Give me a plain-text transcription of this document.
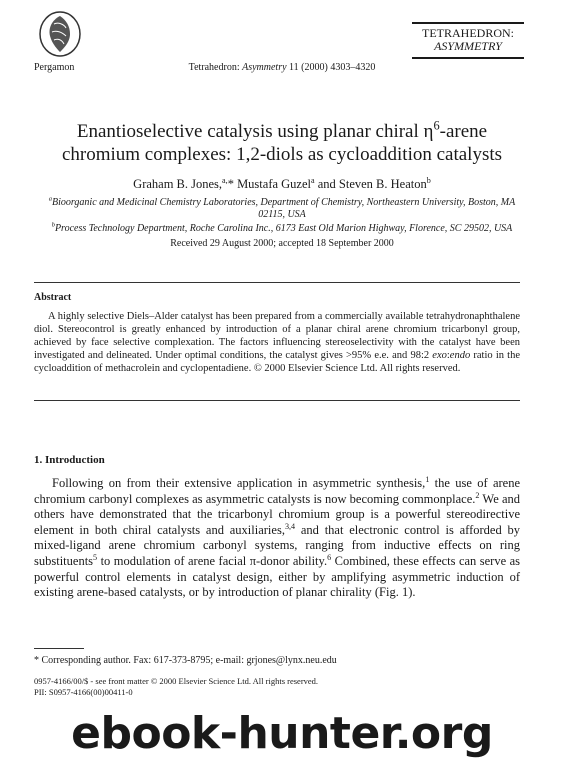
Pergamon	Tetrahedron: Asymmetry 11 (2000) 4303–4320
TETRAHEDRON:
ASYMMETRY
Enantioselective catalysis using planar chiral $\eta^6$-arene
chromium complexes: 1,2-diols as cycloaddition catalysts
Graham B. Jones,$^{a,}$* Mustafa Guzel$^a$ and Steven B. Heaton$^b$
$^a$Bioorganic and Medicinal Chemistry Laboratories, Department of Chemistry, Northeastern University, Boston, MA 02115, USA
$^b$Process Technology Department, Roche Carolina Inc., 6173 East Old Marion Highway, Florence, SC 29502, USA
Received 29 August 2000; accepted 18 September 2000
Abstract
A highly selective Diels–Alder catalyst has been prepared from a commercially available tetrahydronaphthalene diol. Stereocontrol is greatly enhanced by introduction of a planar chiral arene chromium tricarbonyl group, achieved by face selective complexation. The factors influencing stereoselectivity with the catalyst have been investigated and delineated. Under optimal conditions, the catalyst gives >95% e.e. and 98:2 exo:endo ratio in the cycloaddition of methacrolein and cyclopentadiene. © 2000 Elsevier Science Ltd. All rights reserved.
1. Introduction
Following on from their extensive application in asymmetric synthesis,$^1$ the use of arene chromium carbonyl complexes as asymmetric catalysts is now becoming commonplace.$^2$ We and others have demonstrated that the tricarbonyl chromium group is a powerful stereodirective element in both chiral catalysts and auxiliaries,$^{3,4}$ and that electronic control is afforded by mixed-ligand arene chromium carbonyl systems, ranging from inductive effects on ring substituents$^5$ to modulation of arene facial π-donor ability.$^6$ Combined, these effects can serve as powerful control elements in catalyst design, either by amplifying asymmetric induction of existing arene-based catalysts, or by introduction of planar chirality (Fig. 1).
* Corresponding author. Fax: 617-373-8795; e-mail: grjones@lynx.neu.edu
0957-4166/00/$ - see front matter © 2000 Elsevier Science Ltd. All rights reserved.
PII: S0957-4166(00)00411-0
ebook-hunter.org
